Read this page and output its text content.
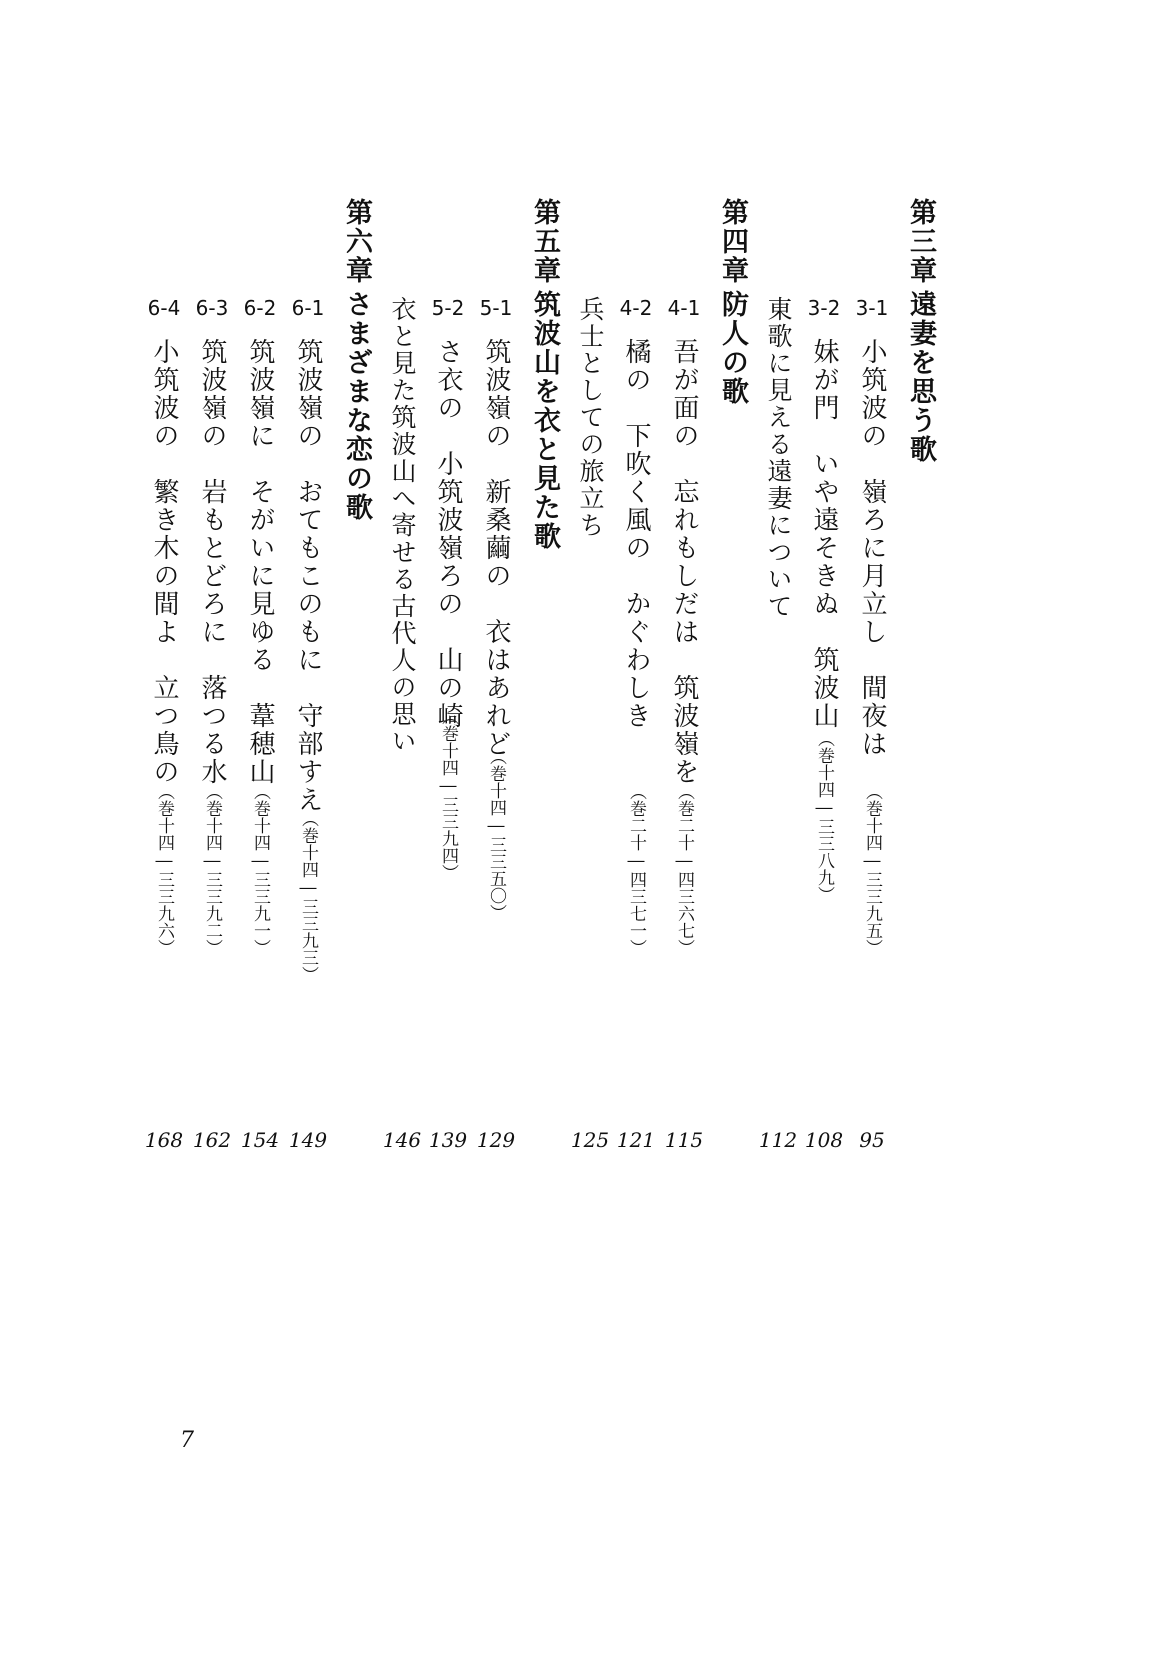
第三章
遠妻を思う歌
3-1
小筑波の　嶺ろに月立し　間夜は
（巻十四―三三九五）
3-2
妹が門　いや遠そきぬ　筑波山
（巻十四―三三八九）
東歌に見える遠妻について
第四章
防人の歌
4-1
吾が面の　忘れもしだは　筑波嶺を
（巻二十―四三六七）
4-2
橘の　下吹く風の　かぐわしき
（巻二十―四三七一）
兵士としての旅立ち
第五章
筑波山を衣と見た歌
5-1
筑波嶺の　新桑繭の　衣はあれど
（巻十四―三三五〇）
5-2
さ衣の　小筑波嶺ろの　山の崎
（巻十四―三三九四）
衣と見た筑波山へ寄せる古代人の思い
第六章
さまざまな恋の歌
6-1
筑波嶺の　おてもこのもに　守部すえ
（巻十四―三三九三）
6-2
筑波嶺に　そがいに見ゆる　葦穂山
（巻十四―三三九一）
6-3
筑波嶺の　岩もとどろに　落つる水
（巻十四―三三九二）
6-4
小筑波の　繁き木の間よ　立つ鳥の
（巻十四―三三九六）
95
108
112
115
121
125
129
139
146
149
154
162
168
7
